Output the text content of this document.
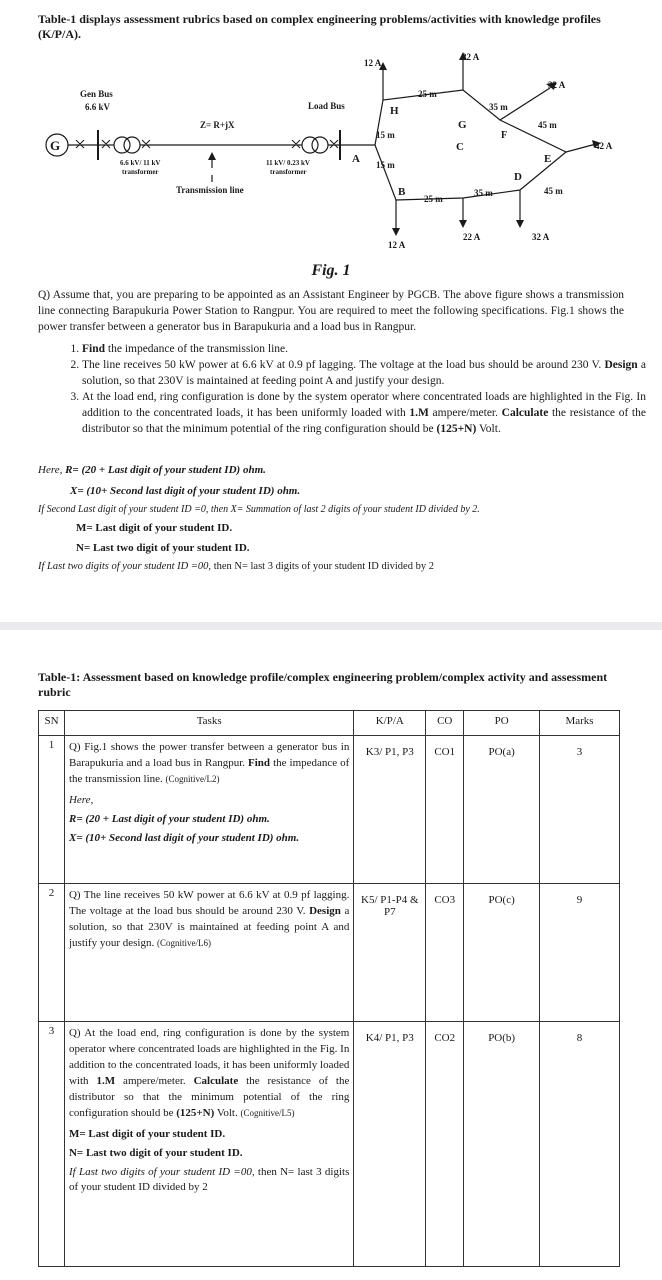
Table-1 displays assessment rubrics based on complex engineering problems/activities with knowledge profiles (K/P/A).
G
Gen Bus
6.6 kV
Z= R+jX
6.6 kV/ 11 kV
transformer
11 kV/ 0.23 kV
transformer
Transmission line
Load Bus
A
H
G
F
E
D
C
B
12 A
22 A
32 A
42 A
32 A
22 A
12 A
15 m
15 m
25 m
35 m
45 m
45 m
35 m
25 m
Fig. 1
Q) Assume that, you are preparing to be appointed as an Assistant Engineer by PGCB. The above figure shows a transmission line connecting Barapukuria Power Station to Rangpur. You are required to meet the following specifications. Fig.1 shows the power transfer between a generator bus in Barapukuria and a load bus in Rangpur.
1. Find the impedance of the transmission line.
2. The line receives 50 kW power at 6.6 kV at 0.9 pf lagging. The voltage at the load bus should be around 230 V. Design a solution, so that 230V is maintained at feeding point A and justify your design.
3. At the load end, ring configuration is done by the system operator where concentrated loads are highlighted in the Fig. In addition to the concentrated loads, it has been uniformly loaded with 1.M ampere/meter. Calculate the resistance of the distributor so that the minimum potential of the ring configuration should be (125+N) Volt.
Here, R= (20 + Last digit of your student ID) ohm.
X= (10+ Second last digit of your student ID) ohm.
If Second Last digit of your student ID =0, then X= Summation of last 2 digits of your student ID divided by 2.
M= Last digit of your student ID.
N= Last two digit of your student ID.
If Last two digits of your student ID =00, then N= last 3 digits of your student ID divided by 2
Table-1: Assessment based on knowledge profile/complex engineering problem/complex activity and assessment rubric
SN	Tasks	K/P/A	CO	PO	Marks
1	Q) Fig.1 shows the power transfer between a generator bus in Barapukuria and a load bus in Rangpur. Find the impedance of the transmission line. (Cognitive/L2)
Here,
R= (20 + Last digit of your student ID) ohm.
X= (10+ Second last digit of your student ID) ohm.	K3/ P1, P3	CO1	PO(a)	3
2	Q) The line receives 50 kW power at 6.6 kV at 0.9 pf lagging. The voltage at the load bus should be around 230 V. Design a solution, so that 230V is maintained at feeding point A and justify your design. (Cognitive/L6)	K5/ P1-P4 & P7	CO3	PO(c)	9
3	Q) At the load end, ring configuration is done by the system operator where concentrated loads are highlighted in the Fig. In addition to the concentrated loads, it has been uniformly loaded with 1.M ampere/meter. Calculate the resistance of the distributor so that the minimum potential of the ring configuration should be (125+N) Volt. (Cognitive/L5)
M= Last digit of your student ID.
N= Last two digit of your student ID.
If Last two digits of your student ID =00, then N= last 3 digits of your student ID divided by 2	K4/ P1, P3	CO2	PO(b)	8
